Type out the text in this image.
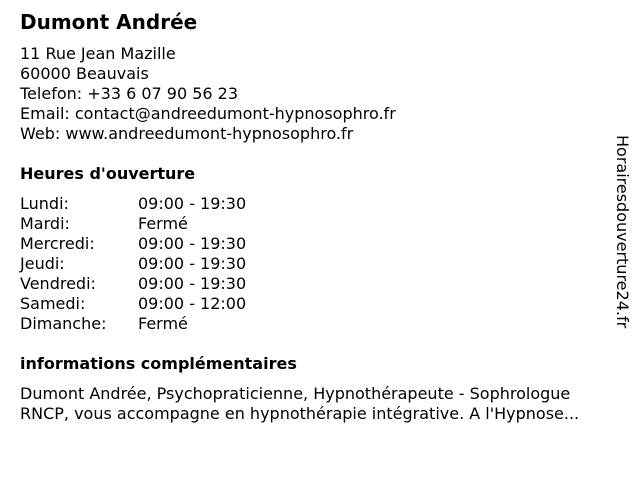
Dumont Andrée
11 Rue Jean Mazille
60000 Beauvais
Telefon: +33 6 07 90 56 23
Email: contact@andreedumont-hypnosophro.fr
Web: www.andreedumont-hypnosophro.fr
Heures d'ouverture
Lundi:	09:00 - 19:30
Mardi:	Fermé
Mercredi:	09:00 - 19:30
Jeudi:	09:00 - 19:30
Vendredi:	09:00 - 19:30
Samedi:	09:00 - 12:00
Dimanche: Fermé
informations complémentaires
Dumont Andrée, Psychopraticienne, Hypnothérapeute - Sophrologue
RNCP, vous accompagne en hypnothérapie intégrative. A l'Hypnose...
Horairesdouverture24.fr
